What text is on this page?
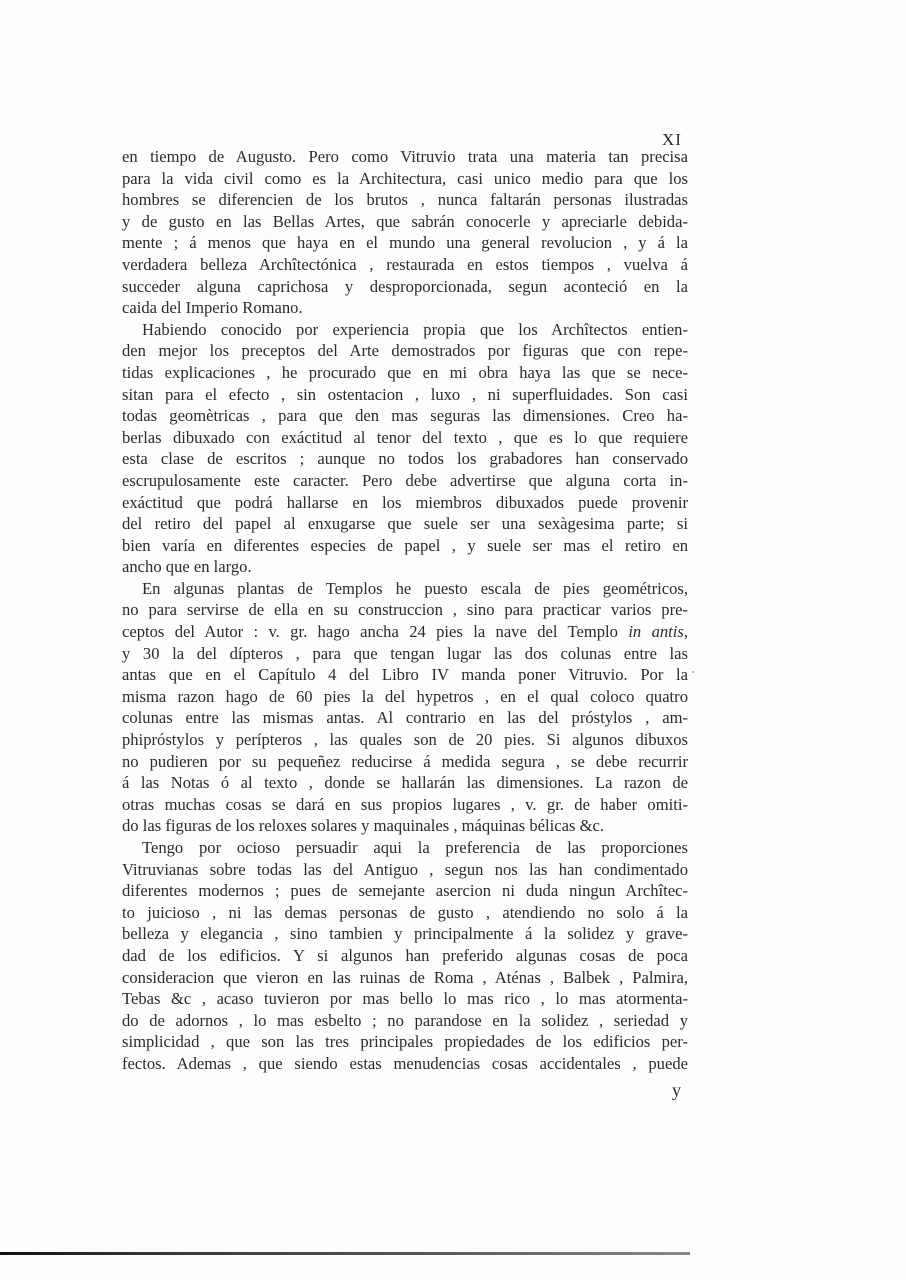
XI
en tiempo de Augusto. Pero como Vitruvio trata una materia tan precisa
para la vida civil como es la Architectura, casi unico medio para que los
hombres se diferencien de los brutos , nunca faltarán personas ilustradas
y de gusto en las Bellas Artes, que sabrán conocerle y apreciarle debida-
mente ; á menos que haya en el mundo una general revolucion , y á la
verdadera belleza Archîtectónica , restaurada en estos tiempos , vuelva á
succeder alguna caprichosa y desproporcionada, segun aconteció en la
caida del Imperio Romano.
Habiendo conocido por experiencia propia que los Archîtectos entien-
den mejor los preceptos del Arte demostrados por figuras que con repe-
tidas explicaciones , he procurado que en mi obra haya las que se nece-
sitan para el efecto , sin ostentacion , luxo , ni superfluidades. Son casi
todas geomètricas , para que den mas seguras las dimensiones. Creo ha-
berlas dibuxado con exáctitud al tenor del texto , que es lo que requiere
esta clase de escritos ; aunque no todos los grabadores han conservado
escrupulosamente este caracter. Pero debe advertirse que alguna corta in-
exáctitud que podrá hallarse en los miembros dibuxados puede provenir
del retiro del papel al enxugarse que suele ser una sexàgesima parte; si
bien varía en diferentes especies de papel , y suele ser mas el retiro en
ancho que en largo.
En algunas plantas de Templos he puesto escala de pies geométricos,
no para servirse de ella en su construccion , sino para practicar varios pre-
ceptos del Autor : v. gr. hago ancha 24 pies la nave del Templo in antis,
y 30 la del dípteros , para que tengan lugar las dos colunas entre las
antas que en el Capítulo 4 del Libro IV manda poner Vitruvio. Por la
misma razon hago de 60 pies la del hypetros , en el qual coloco quatro
colunas entre las mismas antas. Al contrario en las del próstylos , am-
phipróstylos y perípteros , las quales son de 20 pies. Si algunos dibuxos
no pudieren por su pequeñez reducirse á medida segura , se debe recurrir
á las Notas ó al texto , donde se hallarán las dimensiones. La razon de
otras muchas cosas se dará en sus propios lugares , v. gr. de haber omiti-
do las figuras de los reloxes solares y maquinales , máquinas bélicas &c.
Tengo por ocioso persuadir aqui la preferencia de las proporciones
Vitruvianas sobre todas las del Antiguo , segun nos las han condimentado
diferentes modernos ; pues de semejante asercion ni duda ningun Archîtec-
to juicioso , ni las demas personas de gusto , atendiendo no solo á la
belleza y elegancia , sino tambien y principalmente á la solidez y grave-
dad de los edificios. Y si algunos han preferido algunas cosas de poca
consideracion que vieron en las ruinas de Roma , Aténas , Balbek , Palmira,
Tebas &c , acaso tuvieron por mas bello lo mas rico , lo mas atormenta-
do de adornos , lo mas esbelto ; no parandose en la solidez , seriedad y
simplicidad , que son las tres principales propiedades de los edificios per-
fectos. Ademas , que siendo estas menudencias cosas accidentales , puede
y
